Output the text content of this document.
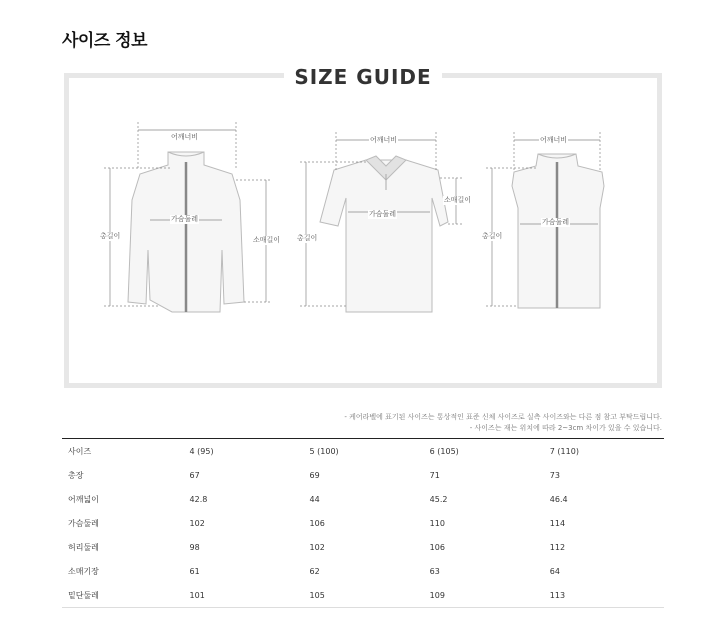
사이즈 정보
SIZE GUIDE
어깨너비
가슴둘레
총길이	소매길이
어깨너비
가슴둘레
총길이
소매길이
어깨너비
가슴둘레
총길이
- 케어라벨에 표기된 사이즈는 통상적인 표준 신체 사이즈로 실측 사이즈와는 다른 점 참고 부탁드립니다.
- 사이즈는 재는 위치에 따라 2~3cm 차이가 있을 수 있습니다.
사이즈	4 (95)	5 (100)	6 (105)	7 (110)
총장	67	69	71	73
어깨넓이	42.8	44	45.2	46.4
가슴둘레	102	106	110	114
허리둘레	98	102	106	112
소매기장	61	62	63	64
밑단둘레	101	105	109	113
